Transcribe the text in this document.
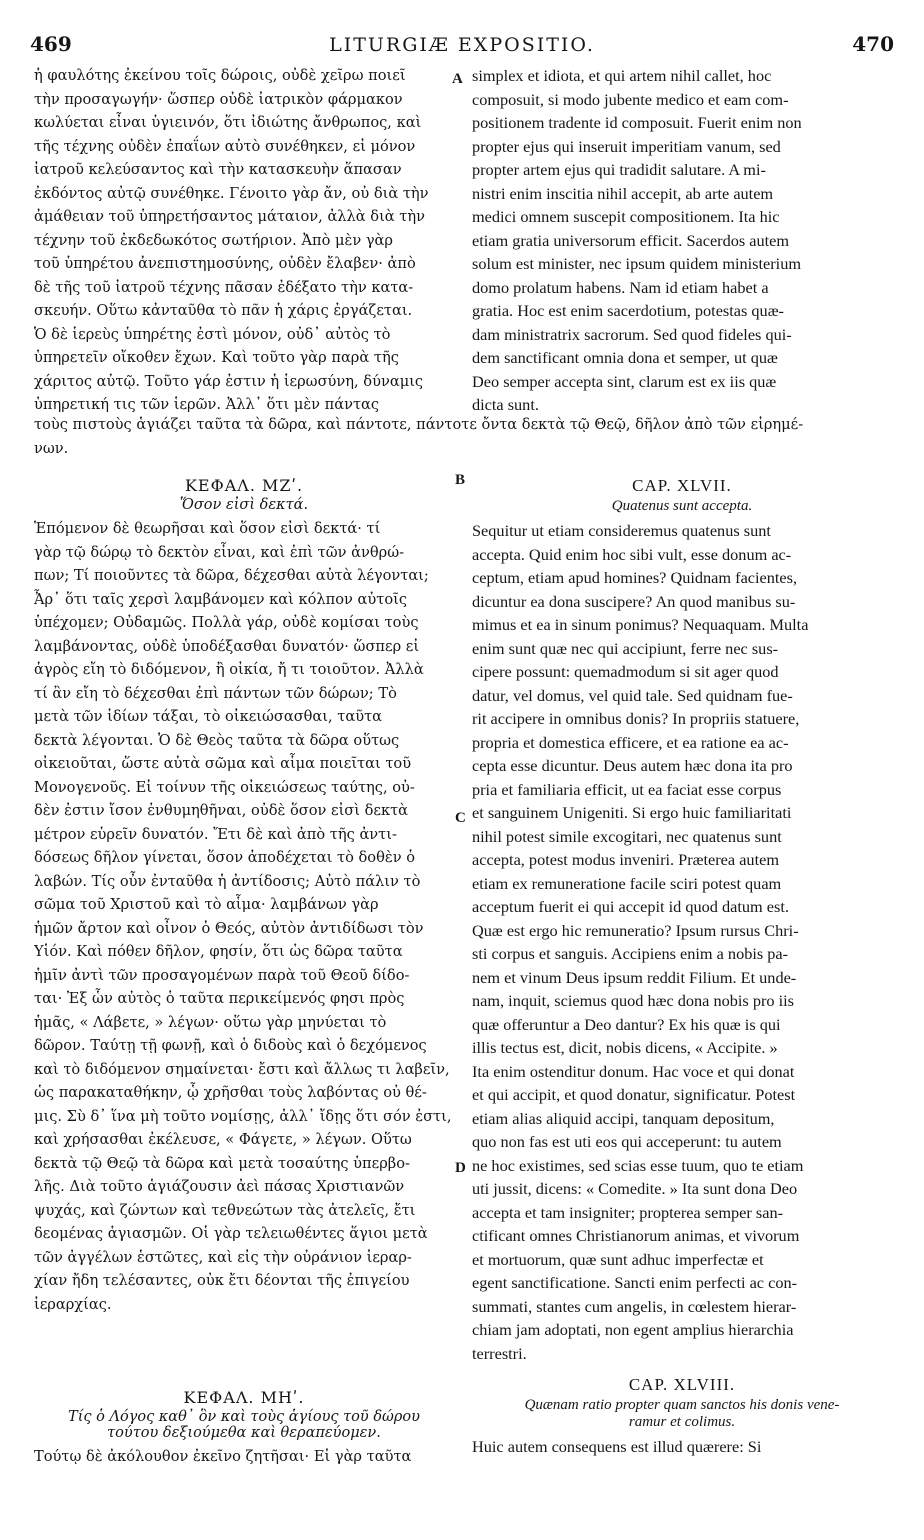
469	LITURGIÆ EXPOSITIO.	470
A
B
C
D
ἡ φαυλότης ἐκείνου τοῖς δώροις, οὐδὲ χεῖρω ποιεῖ
τὴν προσαγωγήν· ὥσπερ οὐδὲ ἰατρικὸν φάρμακον
κωλύεται εἶναι ὑγιεινόν, ὅτι ἰδιώτης ἄνθρωπος, καὶ
τῆς τέχνης οὐδὲν ἐπαΐων αὐτὸ συνέθηκεν, εἰ μόνον
ἰατροῦ κελεύσαντος καὶ τὴν κατασκευὴν ἅπασαν
ἐκδόντος αὐτῷ συνέθηκε. Γένοιτο γὰρ ἄν, οὐ διὰ τὴν
ἀμάθειαν τοῦ ὑπηρετήσαντος μάταιον, ἀλλὰ διὰ τὴν
τέχνην τοῦ ἐκδεδωκότος σωτήριον. Ἀπὸ μὲν γὰρ
τοῦ ὑπηρέτου ἀνεπιστημοσύνης, οὐδὲν ἔλαβεν· ἀπὸ
δὲ τῆς τοῦ ἰατροῦ τέχνης πᾶσαν ἐδέξατο τὴν κατα-
σκευήν. Οὕτω κἀνταῦθα τὸ πᾶν ἡ χάρις ἐργάζεται.
Ὁ δὲ ἱερεὺς ὑπηρέτης ἐστὶ μόνον, οὐδ᾽ αὐτὸς τὸ
ὑπηρετεῖν οἴκοθεν ἔχων. Καὶ τοῦτο γὰρ παρὰ τῆς
χάριτος αὐτῷ. Τοῦτο γάρ ἐστιν ἡ ἱερωσύνη, δύναμις
ὑπηρετική τις τῶν ἱερῶν. Ἀλλ᾽ ὅτι μὲν πάντας
simplex et idiota, et qui artem nihil callet, hoc
composuit, si modo jubente medico et eam com-
positionem tradente id composuit. Fuerit enim non
propter ejus qui inseruit imperitiam vanum, sed
propter artem ejus qui tradidit salutare. A mi-
nistri enim inscitia nihil accepit, ab arte autem
medici omnem suscepit compositionem. Ita hic
etiam gratia universorum efficit. Sacerdos autem
solum est minister, nec ipsum quidem ministerium
domo prolatum habens. Nam id etiam habet a
gratia. Hoc est enim sacerdotium, potestas quæ-
dam ministratrix sacrorum. Sed quod fideles qui-
dem sanctificant omnia dona et semper, ut quæ
Deo semper accepta sint, clarum est ex iis quæ
dicta sunt.
τοὺς πιστοὺς ἁγιάζει ταῦτα τὰ δῶρα, καὶ πάντοτε, πάντοτε ὄντα δεκτὰ τῷ Θεῷ, δῆλον ἀπὸ τῶν εἰρημέ-
νων.
ΚΕΦΑΛ. ΜΖʹ.
Ὅσον εἰσὶ δεκτά.
Ἑπόμενον δὲ θεωρῆσαι καὶ ὅσον εἰσὶ δεκτά· τί
γὰρ τῷ δώρῳ τὸ δεκτὸν εἶναι, καὶ ἐπὶ τῶν ἀνθρώ-
πων; Τί ποιοῦντες τὰ δῶρα, δέχεσθαι αὐτὰ λέγονται;
Ἆρ᾽ ὅτι ταῖς χερσὶ λαμβάνομεν καὶ κόλπον αὐτοῖς
ὑπέχομεν; Οὐδαμῶς. Πολλὰ γάρ, οὐδὲ κομίσαι τοὺς
λαμβάνοντας, οὐδὲ ὑποδέξασθαι δυνατόν· ὥσπερ εἰ
ἀγρὸς εἴη τὸ διδόμενον, ἢ οἰκία, ἤ τι τοιοῦτον. Ἀλλὰ
τί ἂν εἴη τὸ δέχεσθαι ἐπὶ πάντων τῶν δώρων; Τὸ
μετὰ τῶν ἰδίων τάξαι, τὸ οἰκειώσασθαι, ταῦτα
δεκτὰ λέγονται. Ὁ δὲ Θεὸς ταῦτα τὰ δῶρα οὕτως
οἰκειοῦται, ὥστε αὐτὰ σῶμα καὶ αἷμα ποιεῖται τοῦ
Μονογενοῦς. Εἰ τοίνυν τῆς οἰκειώσεως ταύτης, οὐ-
δὲν ἐστιν ἴσον ἐνθυμηθῆναι, οὐδὲ ὅσον εἰσὶ δεκτὰ
μέτρον εὑρεῖν δυνατόν. Ἔτι δὲ καὶ ἀπὸ τῆς ἀντι-
δόσεως δῆλον γίνεται, ὅσον ἀποδέχεται τὸ δοθὲν ὁ
λαβών. Τίς οὖν ἐνταῦθα ἡ ἀντίδοσις; Αὐτὸ πάλιν τὸ
σῶμα τοῦ Χριστοῦ καὶ τὸ αἷμα· λαμβάνων γὰρ
ἡμῶν ἄρτον καὶ οἶνον ὁ Θεός, αὐτὸν ἀντιδίδωσι τὸν
Υἱόν. Καὶ πόθεν δῆλον, φησίν, ὅτι ὡς δῶρα ταῦτα
ἡμῖν ἀντὶ τῶν προσαγομένων παρὰ τοῦ Θεοῦ δίδο-
ται· Ἐξ ὧν αὐτὸς ὁ ταῦτα περικείμενός φησι πρὸς
ἡμᾶς, « Λάβετε, » λέγων· οὕτω γὰρ μηνύεται τὸ
δῶρον. Ταύτῃ τῇ φωνῇ, καὶ ὁ διδοὺς καὶ ὁ δεχόμενος
καὶ τὸ διδόμενον σημαίνεται· ἔστι καὶ ἄλλως τι λαβεῖν,
ὡς παρακαταθήκην, ᾧ χρῆσθαι τοὺς λαβόντας οὐ θέ-
μις. Σὺ δ᾽ ἵνα μὴ τοῦτο νομίσῃς, ἀλλ᾽ ἴδῃς ὅτι σόν ἐστι,
καὶ χρήσασθαι ἐκέλευσε, « Φάγετε, » λέγων. Οὕτω
δεκτὰ τῷ Θεῷ τὰ δῶρα καὶ μετὰ τοσαύτης ὑπερβο-
λῆς. Διὰ τοῦτο ἁγιάζουσιν ἀεὶ πάσας Χριστιανῶν
ψυχάς, καὶ ζώντων καὶ τεθνεώτων τὰς ἀτελεῖς, ἔτι
δεομένας ἁγιασμῶν. Οἱ γὰρ τελειωθέντες ἅγιοι μετὰ
τῶν ἀγγέλων ἑστῶτες, καὶ εἰς τὴν οὐράνιον ἱεραρ-
χίαν ἤδη τελέσαντες, οὐκ ἔτι δέονται τῆς ἐπιγείου
ἱεραρχίας.
ΚΕΦΑΛ. ΜΗʹ.
Τίς ὁ Λόγος καθ᾽ ὃν καὶ τοὺς ἁγίους τοῦ δώρου
τούτου δεξιούμεθα καὶ θεραπεύομεν.
Τούτῳ δὲ ἀκόλουθον ἐκεῖνο ζητῆσαι· Εἰ γὰρ ταῦτα
CAP. XLVII.
Quatenus sunt accepta.
Sequitur ut etiam consideremus quatenus sunt
accepta. Quid enim hoc sibi vult, esse donum ac-
ceptum, etiam apud homines? Quidnam facientes,
dicuntur ea dona suscipere? An quod manibus su-
mimus et ea in sinum ponimus? Nequaquam. Multa
enim sunt quæ nec qui accipiunt, ferre nec sus-
cipere possunt: quemadmodum si sit ager quod
datur, vel domus, vel quid tale. Sed quidnam fue-
rit accipere in omnibus donis? In propriis statuere,
propria et domestica efficere, et ea ratione ea ac-
cepta esse dicuntur. Deus autem hæc dona ita pro
pria et familiaria efficit, ut ea faciat esse corpus
et sanguinem Unigeniti. Si ergo huic familiaritati
nihil potest simile excogitari, nec quatenus sunt
accepta, potest modus inveniri. Præterea autem
etiam ex remuneratione facile sciri potest quam
acceptum fuerit ei qui accepit id quod datum est.
Quæ est ergo hic remuneratio? Ipsum rursus Chri-
sti corpus et sanguis. Accipiens enim a nobis pa-
nem et vinum Deus ipsum reddit Filium. Et unde-
nam, inquit, sciemus quod hæc dona nobis pro iis
quæ offeruntur a Deo dantur? Ex his quæ is qui
illis tectus est, dicit, nobis dicens, « Accipite. »
Ita enim ostenditur donum. Hac voce et qui donat
et qui accipit, et quod donatur, significatur. Potest
etiam alias aliquid accipi, tanquam depositum,
quo non fas est uti eos qui acceperunt: tu autem
ne hoc existimes, sed scias esse tuum, quo te etiam
uti jussit, dicens: « Comedite. » Ita sunt dona Deo
accepta et tam insigniter; propterea semper san-
ctificant omnes Christianorum animas, et vivorum
et mortuorum, quæ sunt adhuc imperfectæ et
egent sanctificatione. Sancti enim perfecti ac con-
summati, stantes cum angelis, in cœlestem hierar-
chiam jam adoptati, non egent amplius hierarchia
terrestri.
CAP. XLVIII.
Quænam ratio propter quam sanctos his donis vene-
ramur et colimus.
Huic autem consequens est illud quærere: Si
